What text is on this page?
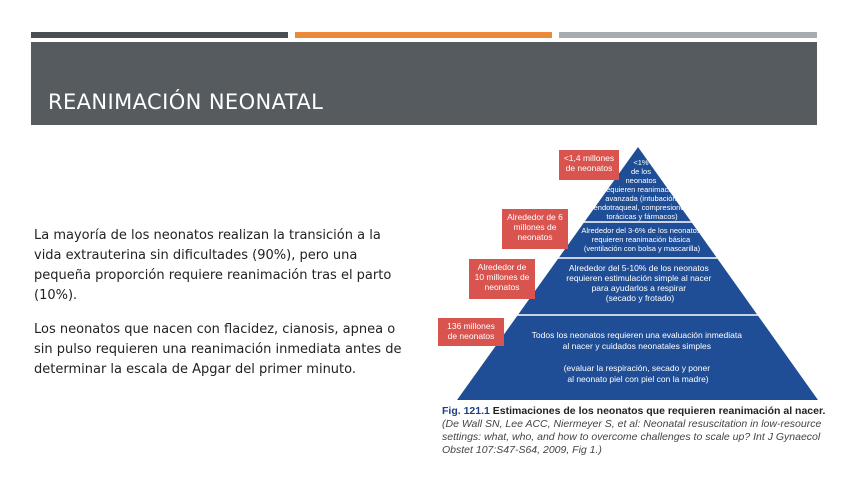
REANIMACIÓN NEONATAL

La mayoría de los neonatos realizan la transición a la vida extrauterina sin dificultades (90%), pero una pequeña proporción requiere reanimación tras el parto (10%).

Los neonatos que nacen con flacidez, cianosis, apnea o sin pulso requieren una reanimación inmediata antes de determinar la escala de Apgar del primer minuto.

<1% de los neonatos requieren reanimación avanzada (intubación endotraqueal, compresiones torácicas y fármacos)
Alrededor del 3-6% de los neonatos requieren reanimación básica (ventilación con bolsa y mascarilla)
Alrededor del 5-10% de los neonatos requieren estimulación simple al nacer para ayudarlos a respirar (secado y frotado)
Todos los neonatos requieren una evaluación inmediata al nacer y cuidados neonatales simples (evaluar la respiración, secado y poner al neonato piel con piel con la madre)
<1,4 millones de neonatos
Alrededor de 6 millones de neonatos
Alrededor de 10 millones de neonatos
136 millones de neonatos

Fig. 121.1 Estimaciones de los neonatos que requieren reanimación al nacer. (De Wall SN, Lee ACC, Niermeyer S, et al: Neonatal resuscitation in low-resource settings: what, who, and how to overcome challenges to scale up? Int J Gynaecol Obstet 107:S47-S64, 2009, Fig 1.)
